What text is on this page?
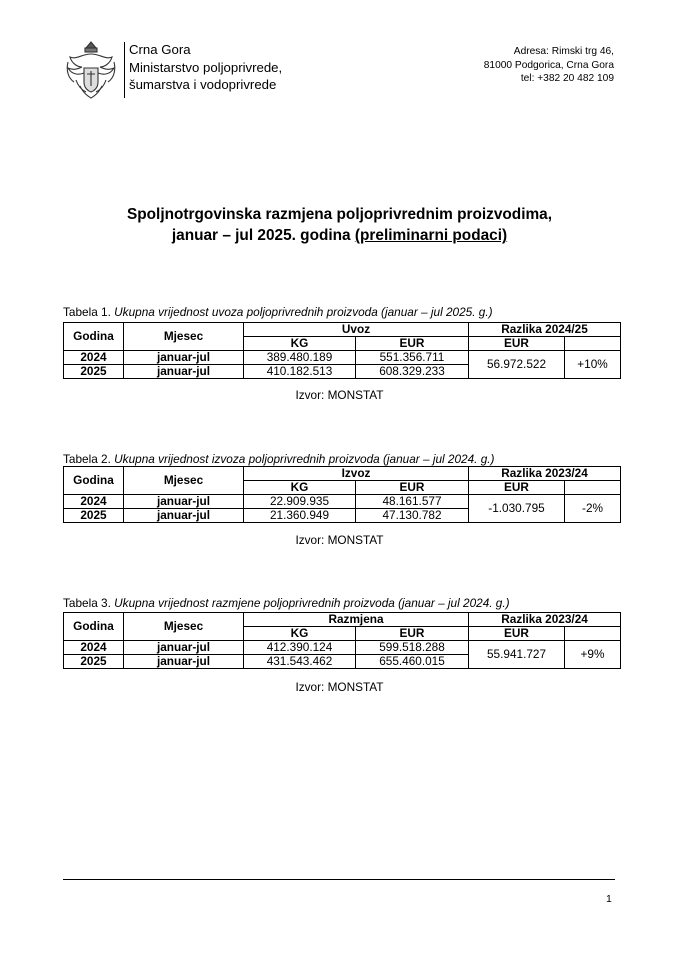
Crna Gora
Ministarstvo poljoprivrede,
šumarstva i vodoprivrede
Adresa: Rimski trg 46,
81000 Podgorica, Crna Gora
tel: +382 20 482 109
Spoljnotrgovinska razmjena poljoprivrednim proizvodima,
januar – jul 2025. godina (preliminarni podaci)
Tabela 1. Ukupna vrijednost uvoza poljoprivrednih proizvoda (januar – jul 2025. g.)
Godina	Mjesec	Uvoz		Razlika 2024/25	
		KG	EUR	EUR	
2024	januar-jul	389.480.189	551.356.711	56.972.522	+10%
2025	januar-jul	410.182.513	608.329.233		
Izvor: MONSTAT
Tabela 2. Ukupna vrijednost izvoza poljoprivrednih proizvoda (januar – jul 2024. g.)
Godina	Mjesec	Izvoz		Razlika 2023/24	
		KG	EUR	EUR	
2024	januar-jul	22.909.935	48.161.577	-1.030.795	-2%
2025	januar-jul	21.360.949	47.130.782		
Izvor: MONSTAT
Tabela 3. Ukupna vrijednost razmjene poljoprivrednih proizvoda (januar – jul 2024. g.)
Godina	Mjesec	Razmjena		Razlika 2023/24	
		KG	EUR	EUR	
2024	januar-jul	412.390.124	599.518.288	55.941.727	+9%
2025	januar-jul	431.543.462	655.460.015		
Izvor: MONSTAT
1
